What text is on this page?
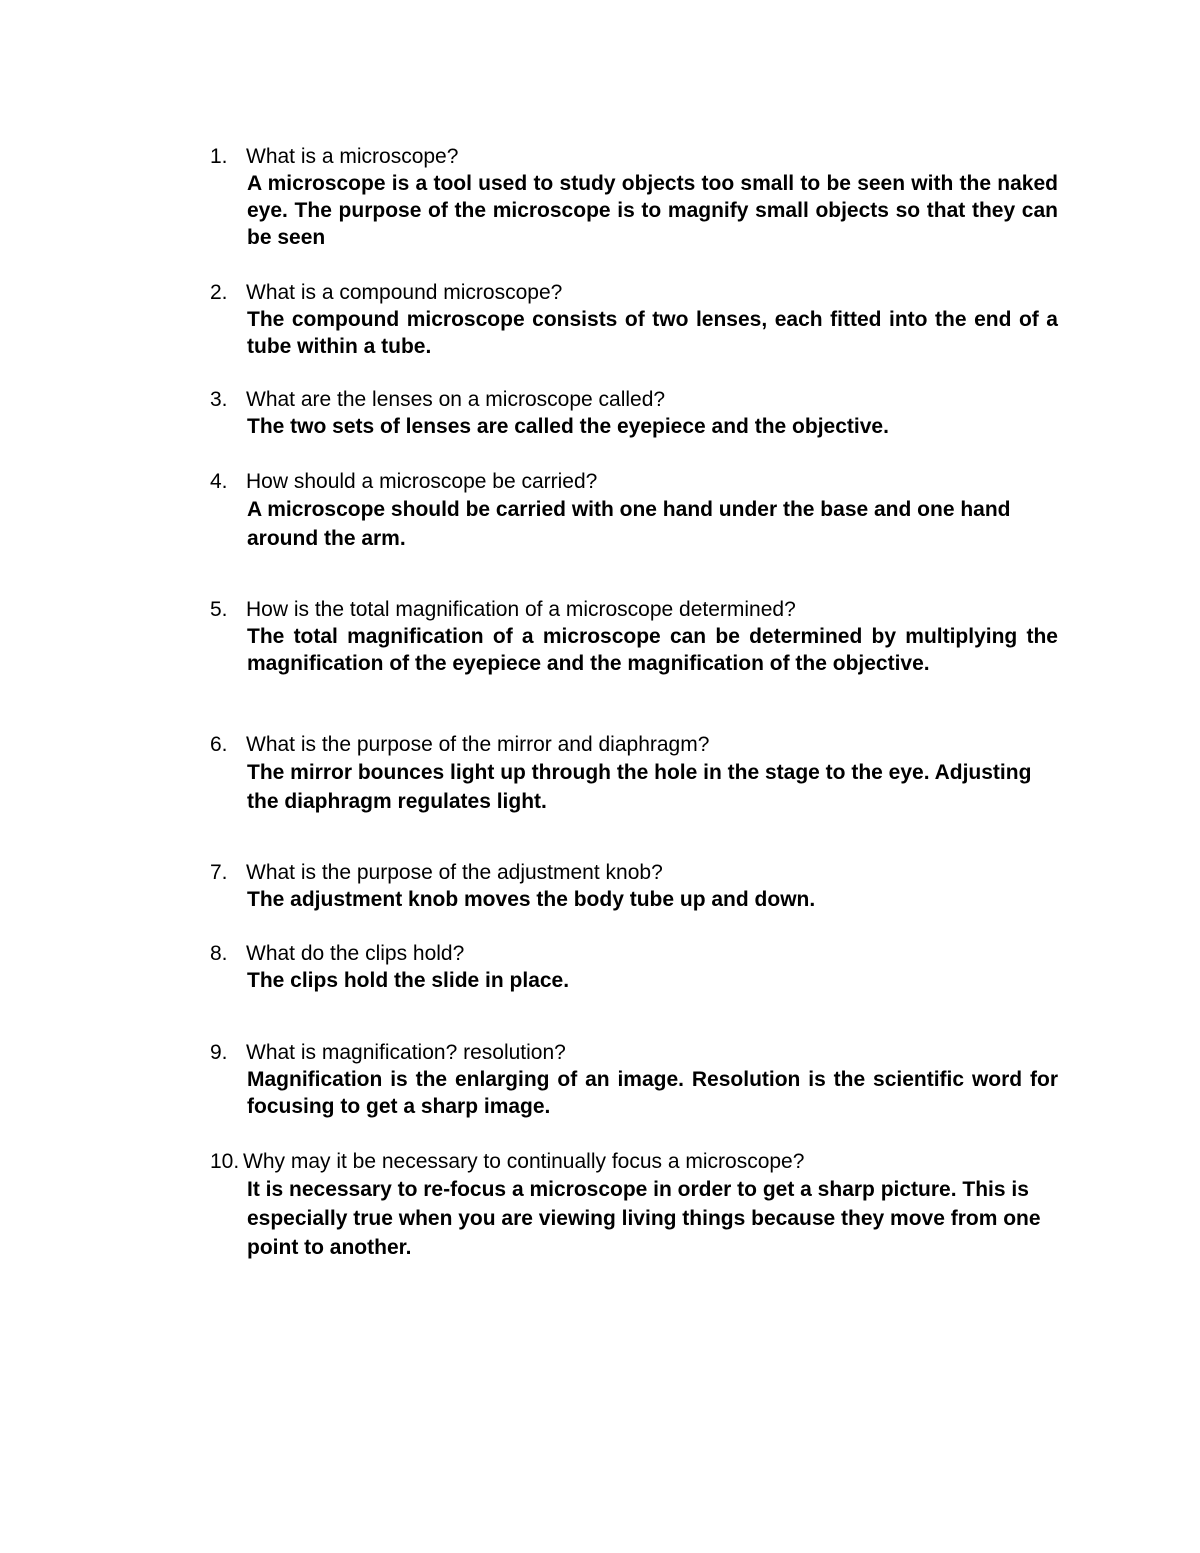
1. What is a microscope?
A microscope is a tool used to study objects too small to be seen with the naked eye. The purpose of the microscope is to magnify small objects so that they can be seen
2. What is a compound microscope?
The compound microscope consists of two lenses, each fitted into the end of a tube within a tube.
3. What are the lenses on a microscope called?
The two sets of lenses are called the eyepiece and the objective.
4. How should a microscope be carried?
A microscope should be carried with one hand under the base and one hand around the arm.
5. How is the total magnification of a microscope determined?
The total magnification of a microscope can be determined by multiplying the magnification of the eyepiece and the magnification of the objective.
6. What is the purpose of the mirror and diaphragm?
The mirror bounces light up through the hole in the stage to the eye. Adjusting the diaphragm regulates light.
7. What is the purpose of the adjustment knob?
The adjustment knob moves the body tube up and down.
8. What do the clips hold?
The clips hold the slide in place.
9. What is magnification? resolution?
Magnification is the enlarging of an image. Resolution is the scientific word for focusing to get a sharp image.
10. Why may it be necessary to continually focus a microscope?
It is necessary to re-focus a microscope in order to get a sharp picture. This is especially true when you are viewing living things because they move from one point to another.
